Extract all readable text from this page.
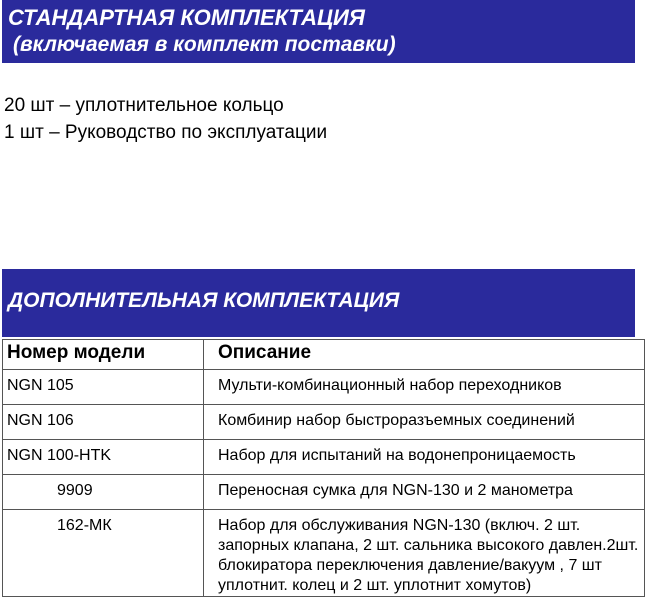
СТАНДАРТНАЯ КОМПЛЕКТАЦИЯ
(включаемая в комплект поставки)
20 шт – уплотнительное кольцо
1 шт – Руководство по эксплуатации
ДОПОЛНИТЕЛЬНАЯ КОМПЛЕКТАЦИЯ
Номер модели	Описание
NGN 105	Мульти-комбинационный набор переходников
NGN 106	Комбинир набор быстроразъемных соединений
NGN 100-HTK	Набор для испытаний на водонепроницаемость
9909	Переносная сумка для NGN-130 и 2 манометра
162-МК	Набор для обслуживания NGN-130 (включ. 2 шт. запорных клапана, 2 шт. сальника высокого давлен.2шт. блокиратора переключения давление/вакуум , 7 шт уплотнит. колец и 2 шт. уплотнит хомутов)
